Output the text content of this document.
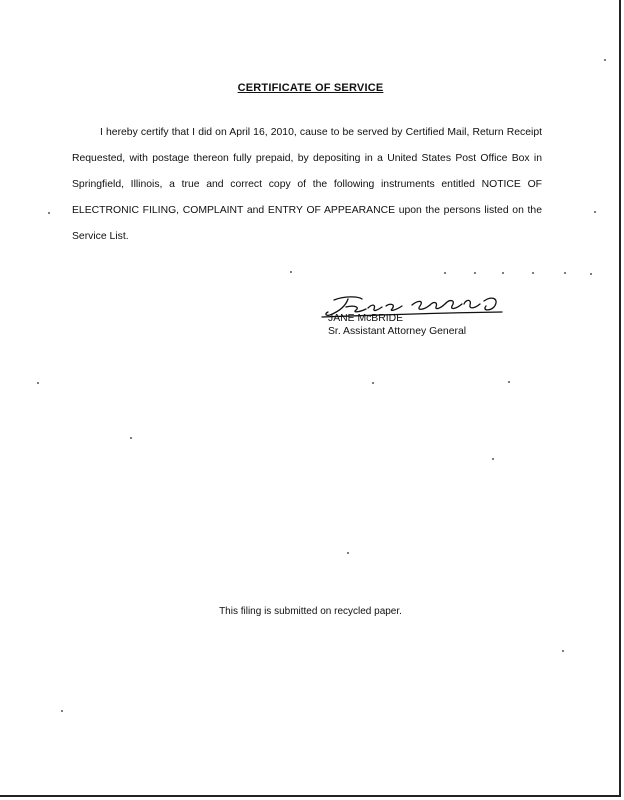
CERTIFICATE OF SERVICE

I hereby certify that I did on April 16, 2010, cause to be served by Certified Mail, Return Receipt Requested, with postage thereon fully prepaid, by depositing in a United States Post Office Box in Springfield, Illinois, a true and correct copy of the following instruments entitled NOTICE OF ELECTRONIC FILING, COMPLAINT and ENTRY OF APPEARANCE upon the persons listed on the Service List.

JANE McBRIDE
Sr. Assistant Attorney General
This filing is submitted on recycled paper.
